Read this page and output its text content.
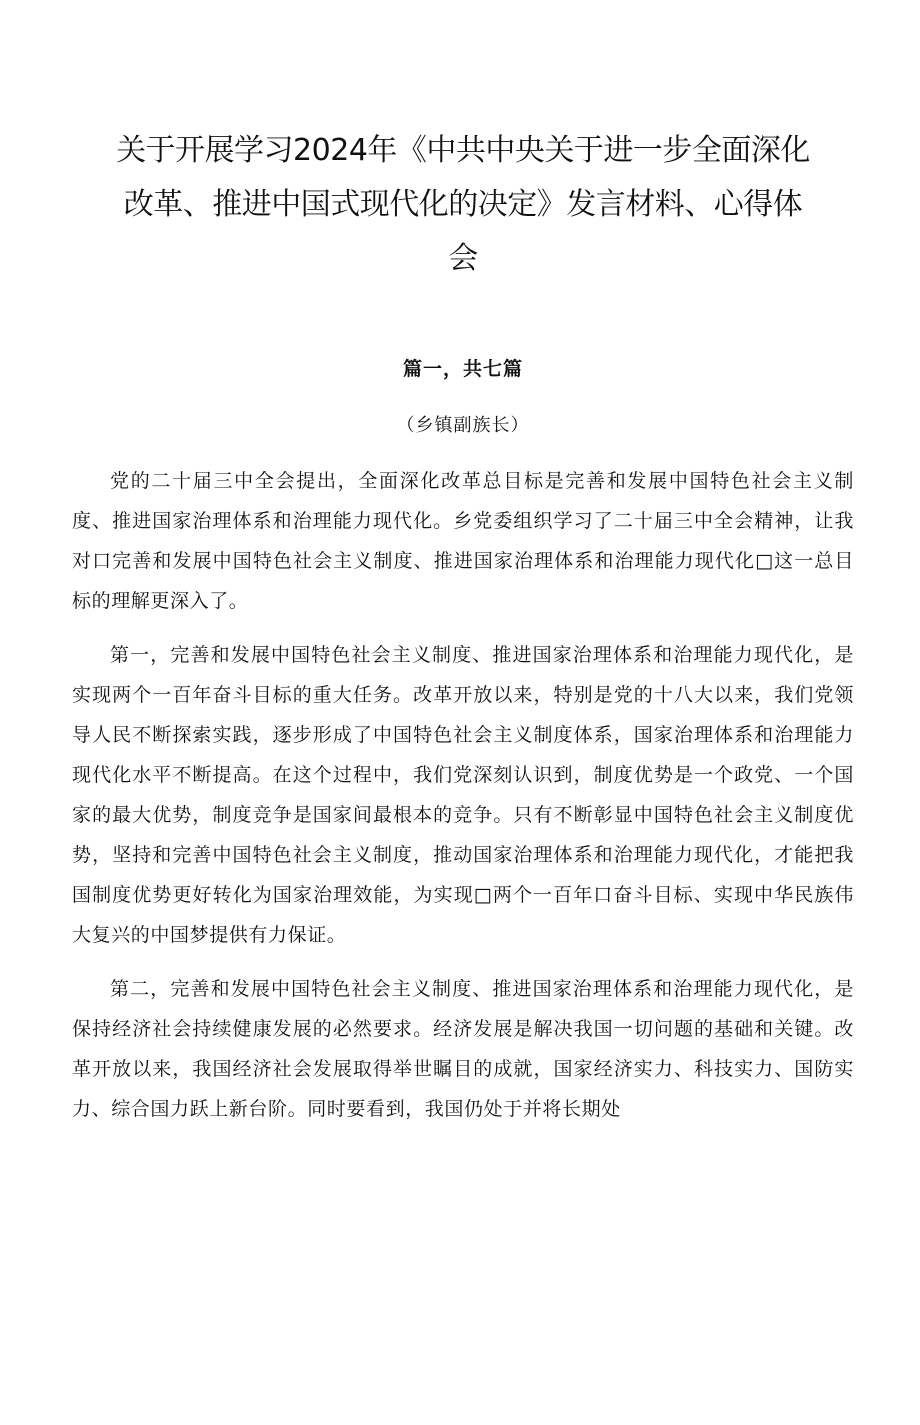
关于开展学习2024年《中共中央关于进一步全面深化
改革、推进中国式现代化的决定》发言材料、心得体
会
篇一，共七篇
（乡镇副族长）

党的二十届三中全会提出，全面深化改革总目标是完善和发展中国特色社会主义制度、推进国家治理体系和治理能力现代化。乡党委组织学习了二十届三中全会精神，让我对口完善和发展中国特色社会主义制度、推进国家治理体系和治理能力现代化□这一总目标的理解更深入了。

第一，完善和发展中国特色社会主义制度、推进国家治理体系和治理能力现代化，是实现两个一百年奋斗目标的重大任务。改革开放以来，特别是党的十八大以来，我们党领导人民不断探索实践，逐步形成了中国特色社会主义制度体系，国家治理体系和治理能力现代化水平不断提高。在这个过程中，我们党深刻认识到，制度优势是一个政党、一个国家的最大优势，制度竞争是国家间最根本的竞争。只有不断彰显中国特色社会主义制度优势，坚持和完善中国特色社会主义制度，推动国家治理体系和治理能力现代化，才能把我国制度优势更好转化为国家治理效能，为实现□两个一百年口奋斗目标、实现中华民族伟大复兴的中国梦提供有力保证。

第二，完善和发展中国特色社会主义制度、推进国家治理体系和治理能力现代化，是保持经济社会持续健康发展的必然要求。经济发展是解决我国一切问题的基础和关键。改革开放以来，我国经济社会发展取得举世瞩目的成就，国家经济实力、科技实力、国防实力、综合国力跃上新台阶。同时要看到，我国仍处于并将长期处
